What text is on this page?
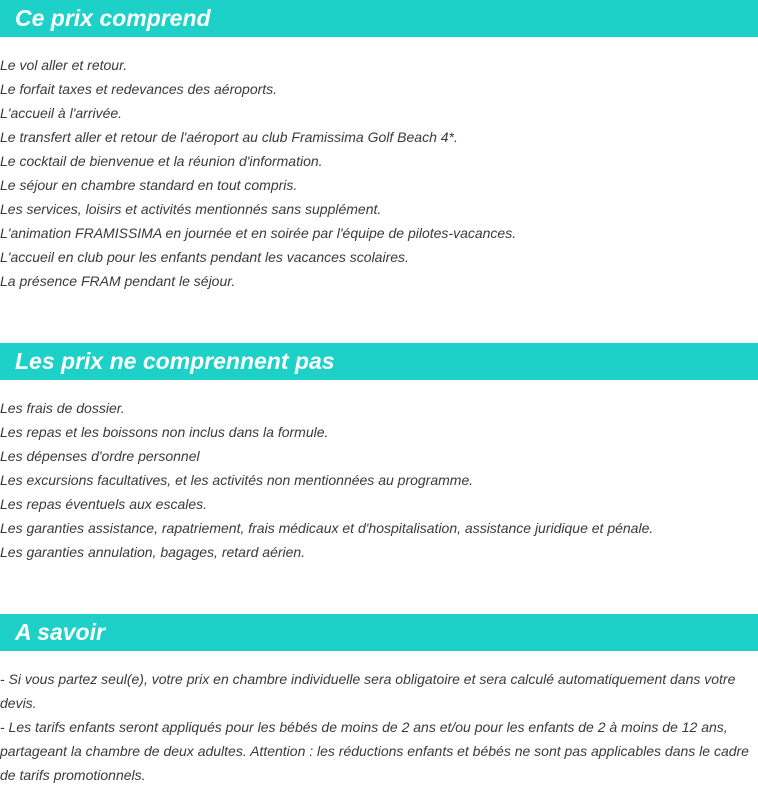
Ce prix comprend
Le vol aller et retour.
Le forfait taxes et redevances des aéroports.
L'accueil à l'arrivée.
Le transfert aller et retour de l'aéroport au club Framissima Golf Beach 4*.
Le cocktail de bienvenue et la réunion d'information.
Le séjour en chambre standard en tout compris.
Les services, loisirs et activités mentionnés sans supplément.
L'animation FRAMISSIMA en journée et en soirée par l'équipe de pilotes-vacances.
L'accueil en club pour les enfants pendant les vacances scolaires.
La présence FRAM pendant le séjour.
Les prix ne comprennent pas
Les frais de dossier.
Les repas et les boissons non inclus dans la formule.
Les dépenses d'ordre personnel
Les excursions facultatives, et les activités non mentionnées au programme.
Les repas éventuels aux escales.
Les garanties assistance, rapatriement, frais médicaux et d'hospitalisation, assistance juridique et pénale.
Les garanties annulation, bagages, retard aérien.
A savoir

- Si vous partez seul(e), votre prix en chambre individuelle sera obligatoire et sera calculé automatiquement dans votre devis.

- Les tarifs enfants seront appliqués pour les bébés de moins de 2 ans et/ou pour les enfants de 2 à moins de 12 ans, partageant la chambre de deux adultes. Attention : les réductions enfants et bébés ne sont pas applicables dans le cadre de tarifs promotionnels.
